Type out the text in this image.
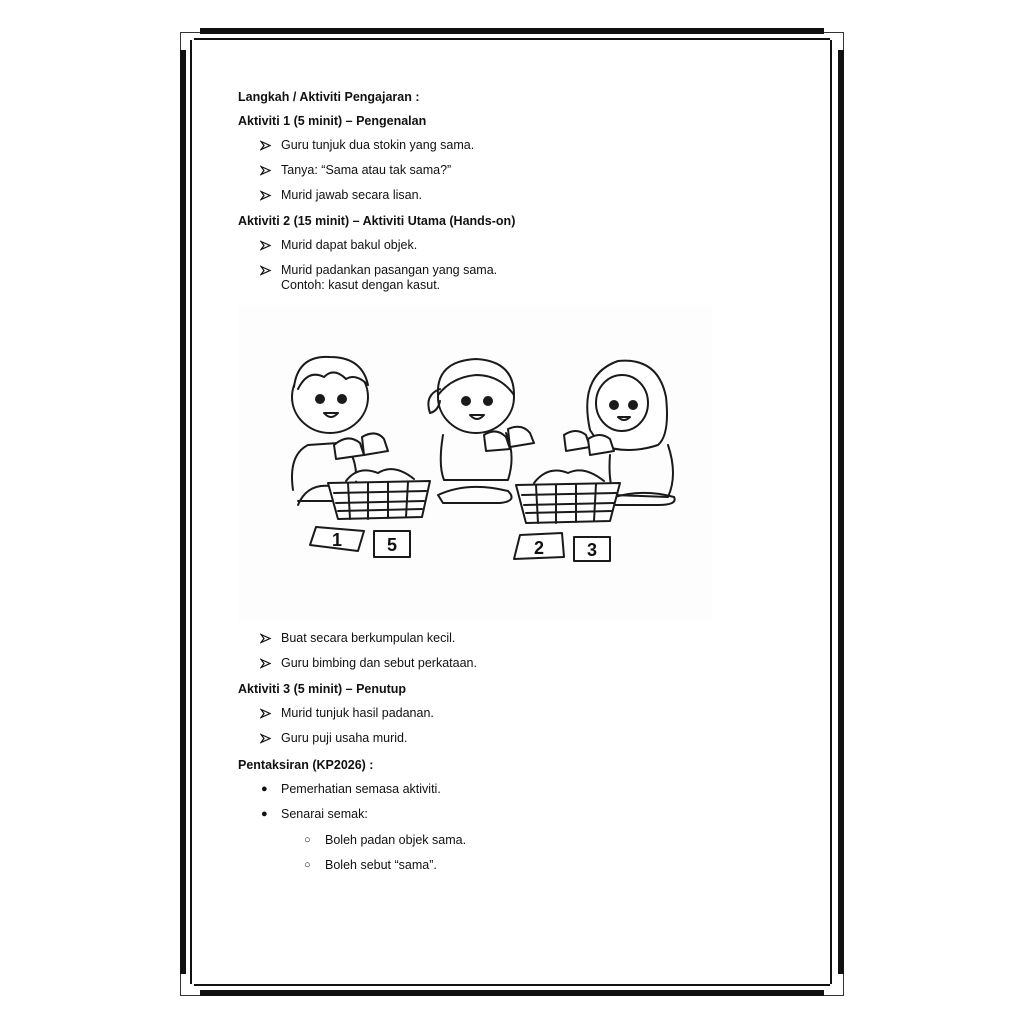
Langkah / Aktiviti Pengajaran :
Aktiviti 1 (5 minit) – Pengenalan
Guru tunjuk dua stokin yang sama.
Tanya: “Sama atau tak sama?”
Murid jawab secara lisan.
Aktiviti 2 (15 minit) – Aktiviti Utama (Hands-on)
Murid dapat bakul objek.
Murid padankan pasangan yang sama.
Contoh: kasut dengan kasut.
1 5	2 3
Buat secara berkumpulan kecil.
Guru bimbing dan sebut perkataan.
Aktiviti 3 (5 minit) – Penutup
Murid tunjuk hasil padanan.
Guru puji usaha murid.
Pentaksiran (KP2026) :
● Pemerhatian semasa aktiviti.
● Senarai semak:
○ Boleh padan objek sama.
○ Boleh sebut “sama”.
